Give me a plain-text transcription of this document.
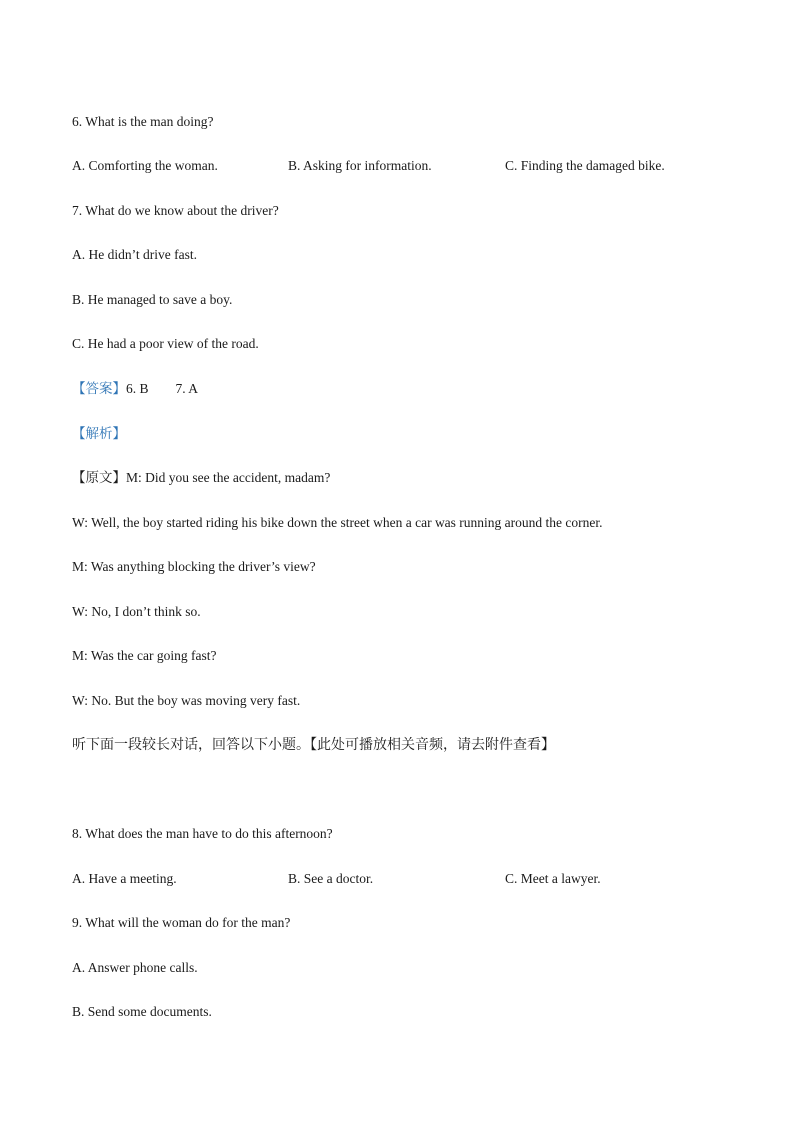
6. What is the man doing?
A. Comforting the woman.	B. Asking for information.	C. Finding the damaged bike.
7. What do we know about the driver?
A. He didn’t drive fast.
B. He managed to save a boy.
C. He had a poor view of the road.
【答案】6. B        7. A
【解析】
【原文】M: Did you see the accident, madam?
W: Well, the boy started riding his bike down the street when a car was running around the corner.
M: Was anything blocking the driver’s view?
W: No, I don’t think so.
M: Was the car going fast?
W: No. But the boy was moving very fast.
听下面一段较长对话，回答以下小题。【此处可播放相关音频，请去附件查看】
8. What does the man have to do this afternoon?
A. Have a meeting.	B. See a doctor.	C. Meet a lawyer.
9. What will the woman do for the man?
A. Answer phone calls.
B. Send some documents.
